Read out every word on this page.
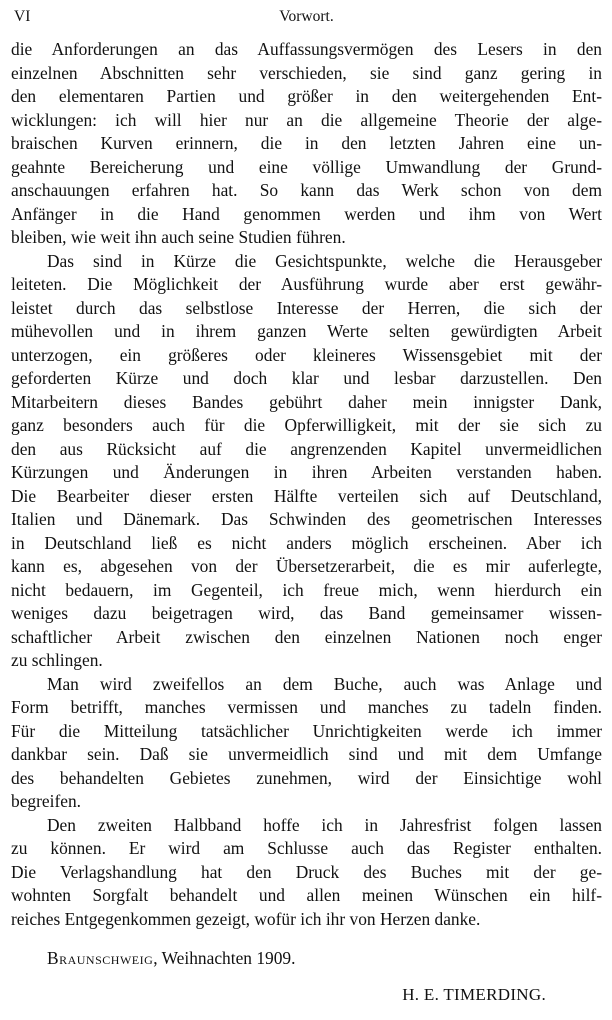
VI	Vorwort.
die Anforderungen an das Auffassungsvermögen des Lesers in den
einzelnen Abschnitten sehr verschieden, sie sind ganz gering in
den elementaren Partien und größer in den weitergehenden Ent-
wicklungen: ich will hier nur an die allgemeine Theorie der alge-
braischen Kurven erinnern, die in den letzten Jahren eine un-
geahnte Bereicherung und eine völlige Umwandlung der Grund-
anschauungen erfahren hat. So kann das Werk schon von dem
Anfänger in die Hand genommen werden und ihm von Wert
bleiben, wie weit ihn auch seine Studien führen.
Das sind in Kürze die Gesichtspunkte, welche die Herausgeber
leiteten. Die Möglichkeit der Ausführung wurde aber erst gewähr-
leistet durch das selbstlose Interesse der Herren, die sich der
mühevollen und in ihrem ganzen Werte selten gewürdigten Arbeit
unterzogen, ein größeres oder kleineres Wissensgebiet mit der
geforderten Kürze und doch klar und lesbar darzustellen. Den
Mitarbeitern dieses Bandes gebührt daher mein innigster Dank,
ganz besonders auch für die Opferwilligkeit, mit der sie sich zu
den aus Rücksicht auf die angrenzenden Kapitel unvermeidlichen
Kürzungen und Änderungen in ihren Arbeiten verstanden haben.
Die Bearbeiter dieser ersten Hälfte verteilen sich auf Deutschland,
Italien und Dänemark. Das Schwinden des geometrischen Interesses
in Deutschland ließ es nicht anders möglich erscheinen. Aber ich
kann es, abgesehen von der Übersetzerarbeit, die es mir auferlegte,
nicht bedauern, im Gegenteil, ich freue mich, wenn hierdurch ein
weniges dazu beigetragen wird, das Band gemeinsamer wissen-
schaftlicher Arbeit zwischen den einzelnen Nationen noch enger
zu schlingen.
Man wird zweifellos an dem Buche, auch was Anlage und
Form betrifft, manches vermissen und manches zu tadeln finden.
Für die Mitteilung tatsächlicher Unrichtigkeiten werde ich immer
dankbar sein. Daß sie unvermeidlich sind und mit dem Umfange
des behandelten Gebietes zunehmen, wird der Einsichtige wohl
begreifen.
Den zweiten Halbband hoffe ich in Jahresfrist folgen lassen
zu können. Er wird am Schlusse auch das Register enthalten.
Die Verlagshandlung hat den Druck des Buches mit der ge-
wohnten Sorgfalt behandelt und allen meinen Wünschen ein hilf-
reiches Entgegenkommen gezeigt, wofür ich ihr von Herzen danke.
Braunschweig, Weihnachten 1909.
H. E. TIMERDING.
